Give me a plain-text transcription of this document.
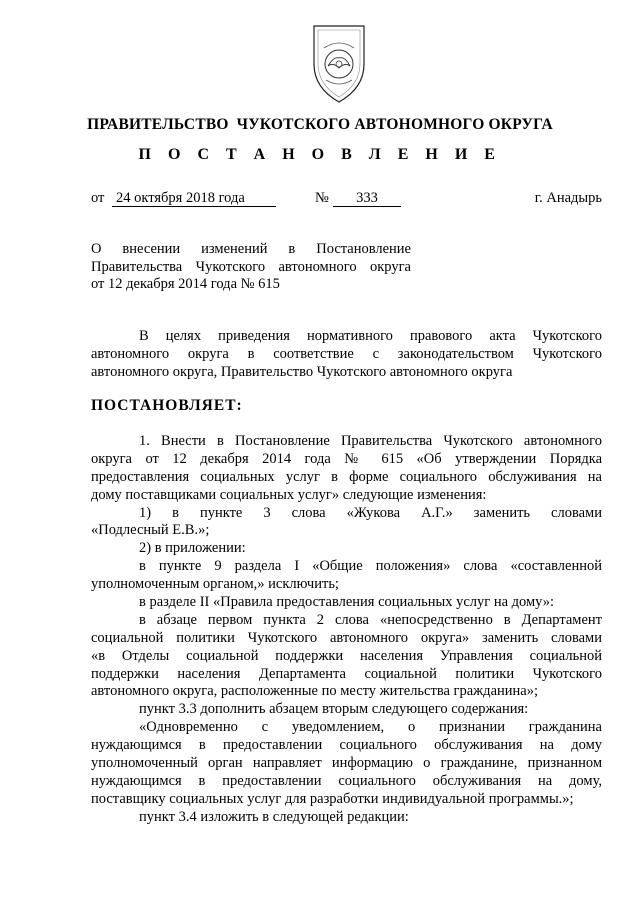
ПРАВИТЕЛЬСТВО ЧУКОТСКОГО АВТОНОМНОГО ОКРУГА
П О С Т А Н О В Л Е Н И Е
от 24 октября 2018 года	№	333	г. Анадырь
О внесении изменений в Постановление
Правительства Чукотского автономного округа
от 12 декабря 2014 года № 615
В целях приведения нормативного правового акта Чукотского
автономного округа в соответствие с законодательством Чукотского
автономного округа, Правительство Чукотского автономного округа
ПОСТАНОВЛЯЕТ:
1. Внести в Постановление Правительства Чукотского автономного
округа от 12 декабря 2014 года № 615 «Об утверждении Порядка
предоставления социальных услуг в форме социального обслуживания на
дому поставщиками социальных услуг» следующие изменения:
1) в пункте 3 слова «Жукова А.Г.» заменить словами
«Подлесный Е.В.»;
2) в приложении:
в пункте 9 раздела I «Общие положения» слова «составленной
уполномоченным органом,» исключить;
в разделе II «Правила предоставления социальных услуг на дому»:
в абзаце первом пункта 2 слова «непосредственно в Департамент
социальной политики Чукотского автономного округа» заменить словами
«в Отделы социальной поддержки населения Управления социальной
поддержки населения Департамента социальной политики Чукотского
автономного округа, расположенные по месту жительства гражданина»;
пункт 3.3 дополнить абзацем вторым следующего содержания:
«Одновременно с уведомлением, о признании гражданина
нуждающимся в предоставлении социального обслуживания на дому
уполномоченный орган направляет информацию о гражданине, признанном
нуждающимся в предоставлении социального обслуживания на дому,
поставщику социальных услуг для разработки индивидуальной программы.»;
пункт 3.4 изложить в следующей редакции:
